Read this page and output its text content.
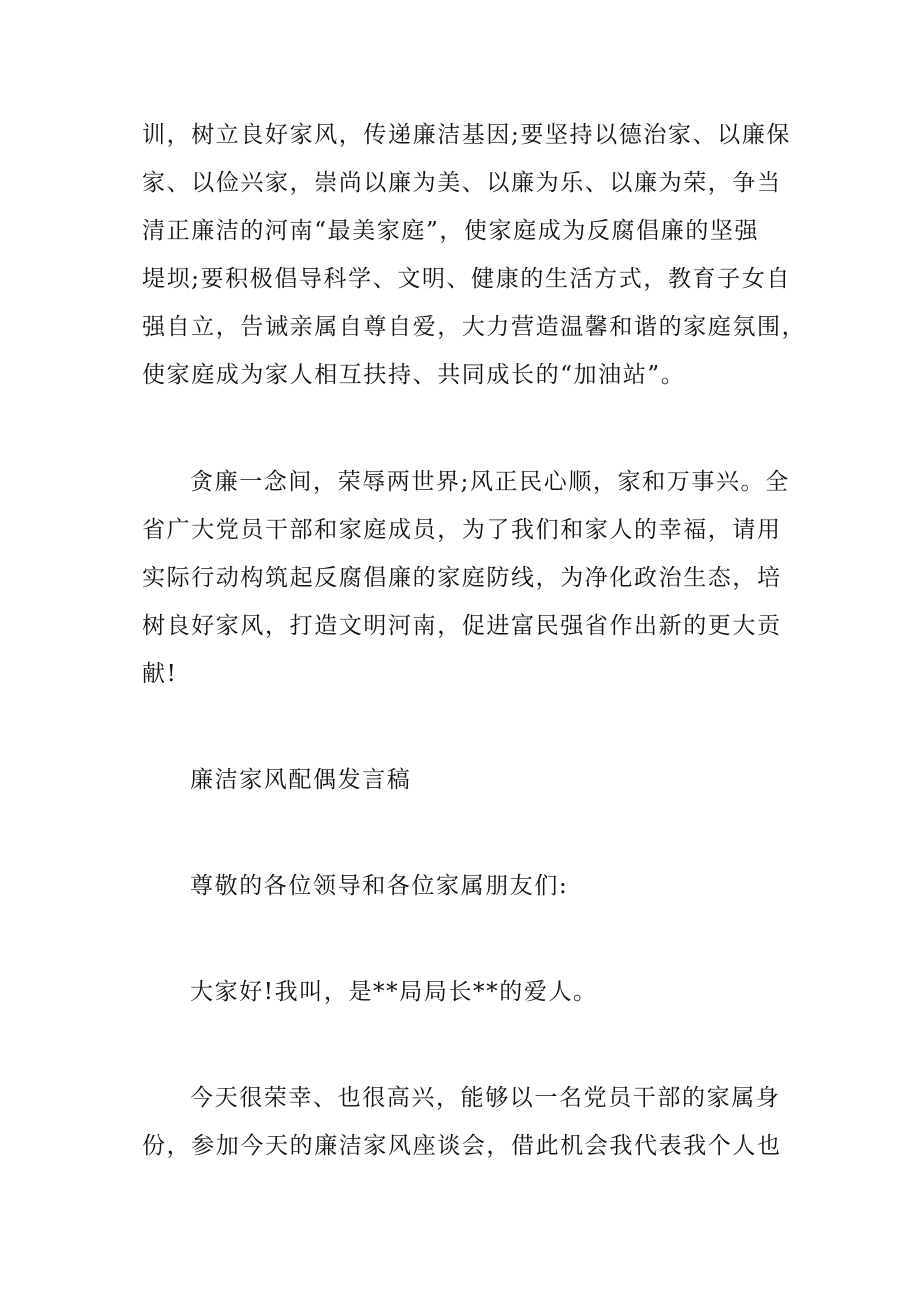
训，树立良好家风，传递廉洁基因;要坚持以德治家、以廉保
家、以俭兴家，崇尚以廉为美、以廉为乐、以廉为荣，争当
清正廉洁的河南“最美家庭”，使家庭成为反腐倡廉的坚强
堤坝;要积极倡导科学、文明、健康的生活方式，教育子女自
强自立，告诫亲属自尊自爱，大力营造温馨和谐的家庭氛围，
使家庭成为家人相互扶持、共同成长的“加油站”。
贪廉一念间，荣辱两世界;风正民心顺，家和万事兴。全
省广大党员干部和家庭成员，为了我们和家人的幸福，请用
实际行动构筑起反腐倡廉的家庭防线，为净化政治生态，培
树良好家风，打造文明河南，促进富民强省作出新的更大贡
献!
廉洁家风配偶发言稿
尊敬的各位领导和各位家属朋友们:
大家好!我叫，是**局局长**的爱人。
今天很荣幸、也很高兴，能够以一名党员干部的家属身
份，参加今天的廉洁家风座谈会，借此机会我代表我个人也
